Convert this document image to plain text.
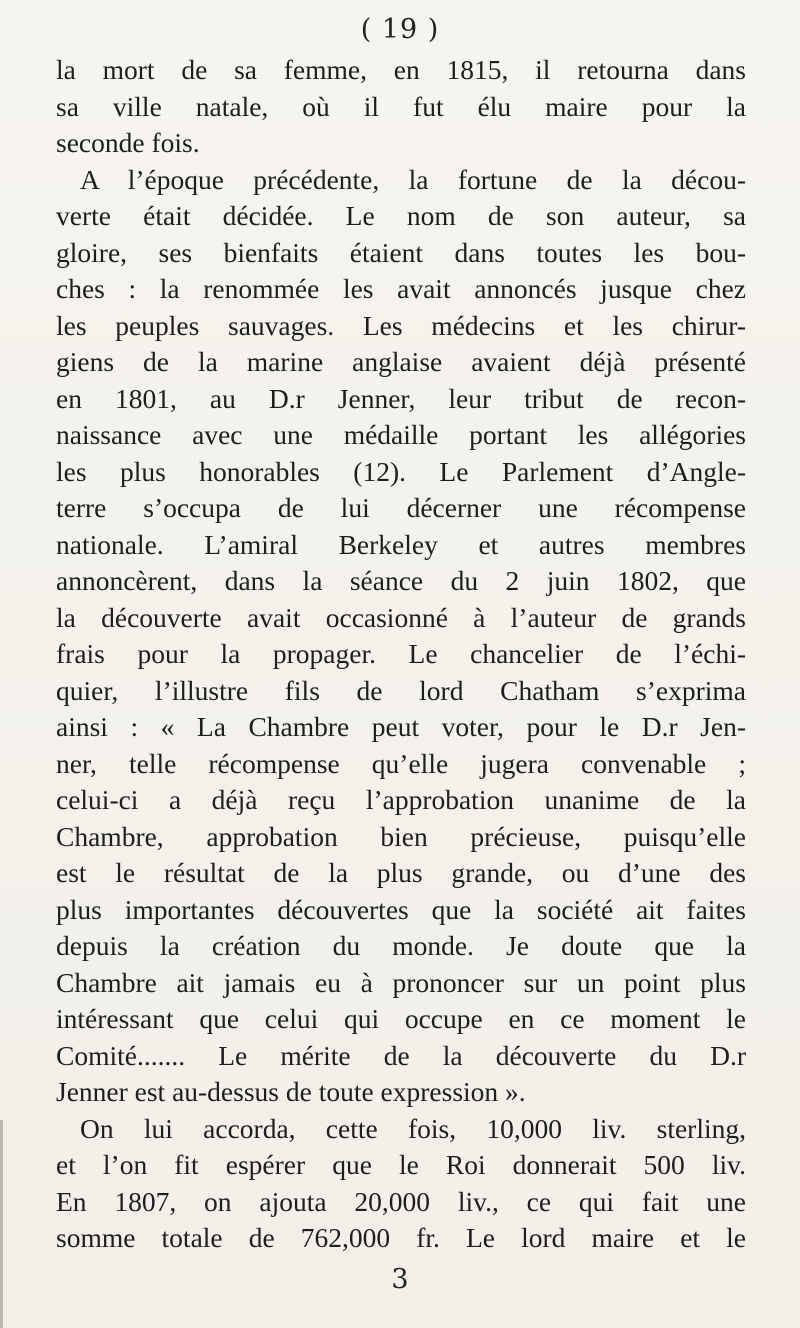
( 19 )
la mort de sa femme, en 1815, il retourna dans
sa ville natale, où il fut élu maire pour la
seconde fois.
A l’époque précédente, la fortune de la décou-
verte était décidée. Le nom de son auteur, sa
gloire, ses bienfaits étaient dans toutes les bou-
ches : la renommée les avait annoncés jusque chez
les peuples sauvages. Les médecins et les chirur-
giens de la marine anglaise avaient déjà présenté
en 1801, au D.r Jenner, leur tribut de recon-
naissance avec une médaille portant les allégories
les plus honorables (12). Le Parlement d’Angle-
terre s’occupa de lui décerner une récompense
nationale. L’amiral Berkeley et autres membres
annoncèrent, dans la séance du 2 juin 1802, que
la découverte avait occasionné à l’auteur de grands
frais pour la propager. Le chancelier de l’échi-
quier, l’illustre fils de lord Chatham s’exprima
ainsi : « La Chambre peut voter, pour le D.r Jen-
ner, telle récompense qu’elle jugera convenable ;
celui-ci a déjà reçu l’approbation unanime de la
Chambre, approbation bien précieuse, puisqu’elle
est le résultat de la plus grande, ou d’une des
plus importantes découvertes que la société ait faites
depuis la création du monde. Je doute que la
Chambre ait jamais eu à prononcer sur un point plus
intéressant que celui qui occupe en ce moment le
Comité....... Le mérite de la découverte du D.r
Jenner est au-dessus de toute expression ».
On lui accorda, cette fois, 10,000 liv. sterling,
et l’on fit espérer que le Roi donnerait 500 liv.
En 1807, on ajouta 20,000 liv., ce qui fait une
somme totale de 762,000 fr. Le lord maire et le
3
